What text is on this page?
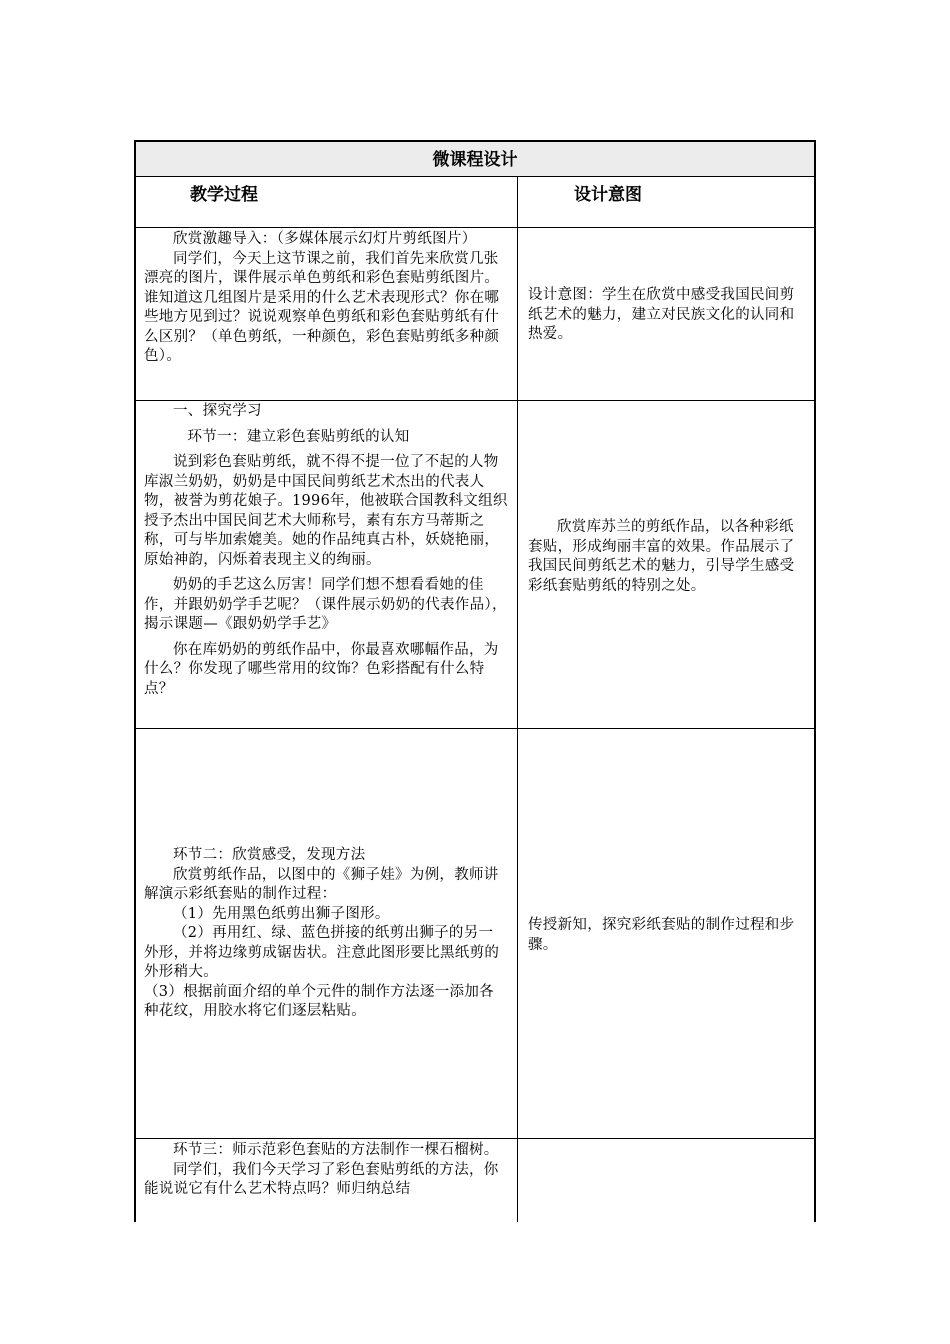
微课程设计
教学过程	设计意图

欣赏激趣导入：（多媒体展示幻灯片剪纸图片）

同学们，今天上这节课之前，我们首先来欣赏几张漂亮的图片，课件展示单色剪纸和彩色套贴剪纸图片。

谁知道这几组图片是采用的什么艺术表现形式？你在哪些地方见到过？说说观察单色剪纸和彩色套贴剪纸有什么区别？（单色剪纸，一种颜色，彩色套贴剪纸多种颜色）。

设计意图：学生在欣赏中感受我国民间剪纸艺术的魅力，建立对民族文化的认同和热爱。

一、探究学习

环节一：建立彩色套贴剪纸的认知

说到彩色套贴剪纸，就不得不提一位了不起的人物库淑兰奶奶，奶奶是中国民间剪纸艺术杰出的代表人物，被誉为剪花娘子。1996年，他被联合国教科文组织授予杰出中国民间艺术大师称号，素有东方马蒂斯之称，可与毕加索媲美。她的作品纯真古朴，妖娆艳丽，原始神韵，闪烁着表现主义的绚丽。

奶奶的手艺这么厉害！同学们想不想看看她的佳作，并跟奶奶学手艺呢？（课件展示奶奶的代表作品），揭示课题—《跟奶奶学手艺》

你在库奶奶的剪纸作品中，你最喜欢哪幅作品，为什么？你发现了哪些常用的纹饰？色彩搭配有什么特点？

欣赏库苏兰的剪纸作品，以各种彩纸套贴，形成绚丽丰富的效果。作品展示了我国民间剪纸艺术的魅力，引导学生感受彩纸套贴剪纸的特别之处。

环节二：欣赏感受，发现方法

欣赏剪纸作品，以图中的《狮子娃》为例，教师讲解演示彩纸套贴的制作过程：

（1）先用黑色纸剪出狮子图形。

（2）再用红、绿、蓝色拼接的纸剪出狮子的另一外形，并将边缘剪成锯齿状。注意此图形要比黑纸剪的外形稍大。

（3）根据前面介绍的单个元件的制作方法逐一添加各种花纹，用胶水将它们逐层粘贴。

传授新知，探究彩纸套贴的制作过程和步骤。

环节三：师示范彩色套贴的方法制作一棵石榴树。

同学们，我们今天学习了彩色套贴剪纸的方法，你能说说它有什么艺术特点吗？师归纳总结
